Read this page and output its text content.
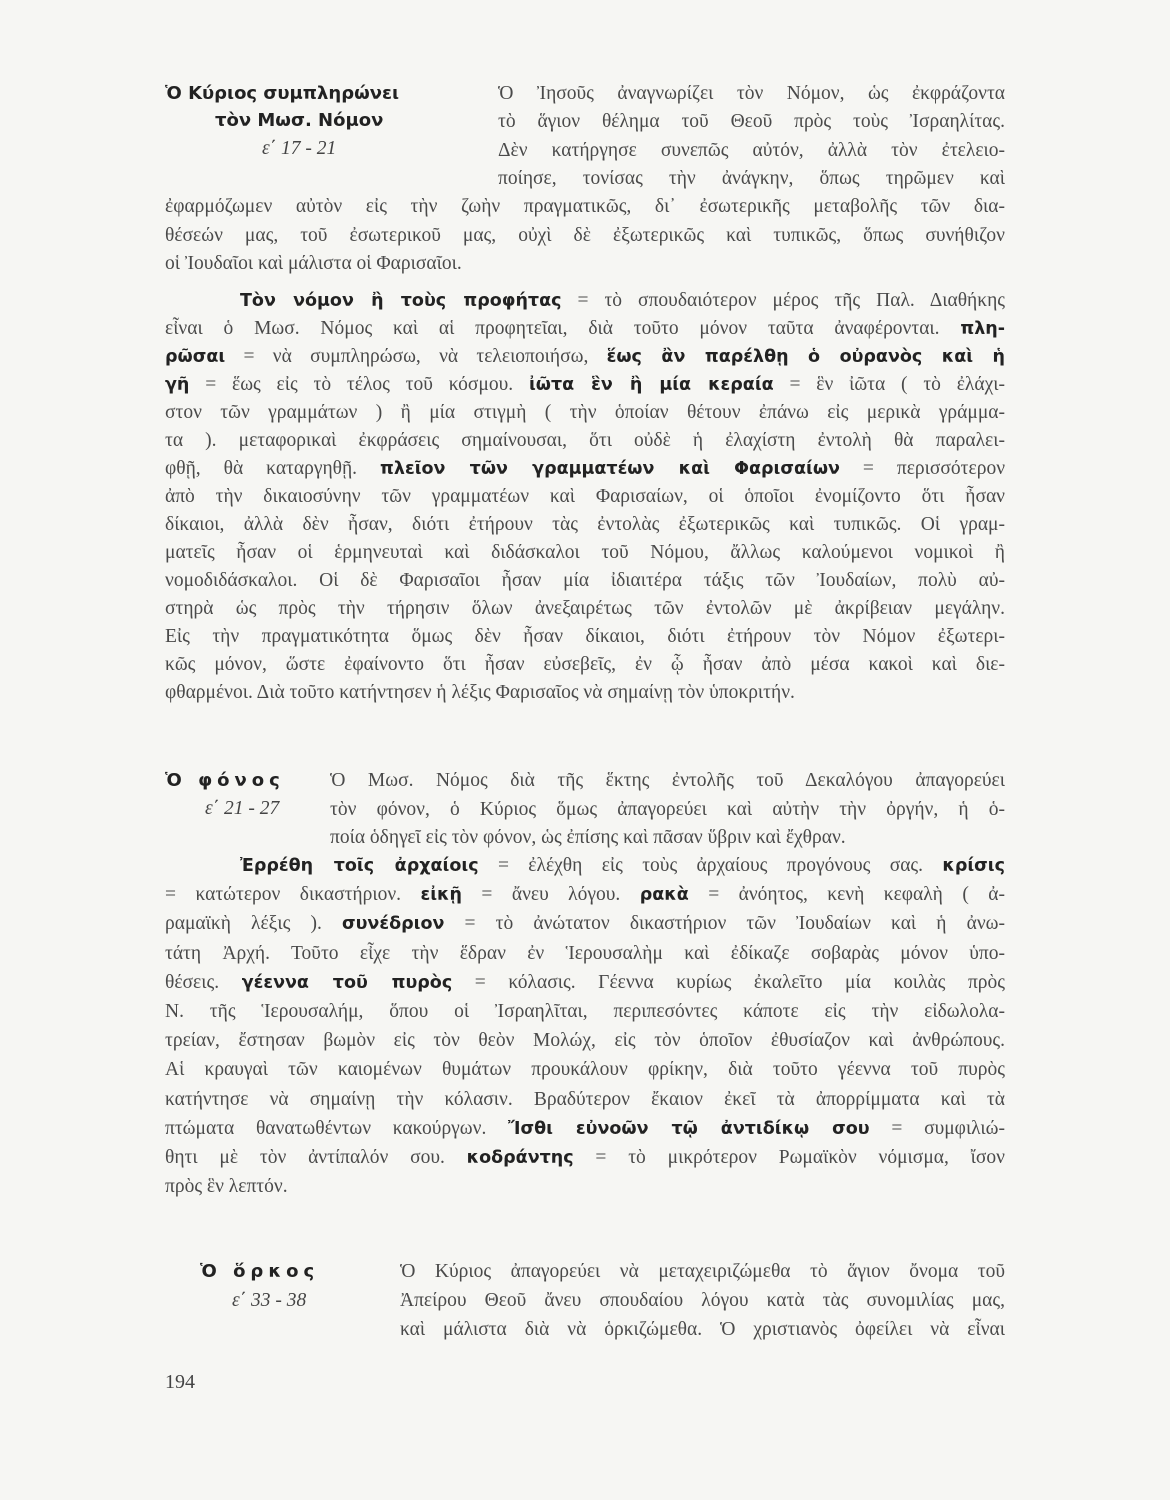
Ὁ Κύριος συμπληρώνει
τὸν Μωσ. Νόμον
ε΄ 17 - 21
Ὁ Ἰησοῦς ἀναγνωρίζει τὸν Νόμον, ὡς ἐκφράζοντα
τὸ ἅγιον θέλημα τοῦ Θεοῦ πρὸς τοὺς Ἰσραηλίτας.
Δὲν κατήργησε συνεπῶς αὐτόν, ἀλλὰ τὸν ἐτελειο-
ποίησε, τονίσας τὴν ἀνάγκην, ὅπως τηρῶμεν καὶ
ἐφαρμόζωμεν αὐτὸν εἰς τὴν ζωὴν πραγματικῶς, δι᾽ ἐσωτερικῆς μεταβολῆς τῶν δια-
θέσεών μας, τοῦ ἐσωτερικοῦ μας, οὐχὶ δὲ ἐξωτερικῶς καὶ τυπικῶς, ὅπως συνήθιζον
οἱ Ἰουδαῖοι καὶ μάλιστα οἱ Φαρισαῖοι.
Τὸν νόμον ἢ τοὺς προφήτας = τὸ σπουδαιότερον μέρος τῆς Παλ. Διαθήκης
εἶναι ὁ Μωσ. Νόμος καὶ αἱ προφητεῖαι, διὰ τοῦτο μόνον ταῦτα ἀναφέρονται. πλη-
ρῶσαι = νὰ συμπληρώσω, νὰ τελειοποιήσω, ἕως ἂν παρέλθῃ ὁ οὐρανὸς καὶ ἡ
γῆ = ἕως εἰς τὸ τέλος τοῦ κόσμου. ἰῶτα ἓν ἢ μία κεραία = ἓν ἰῶτα ( τὸ ἐλάχι-
στον τῶν γραμμάτων ) ἢ μία στιγμὴ ( τὴν ὁποίαν θέτουν ἐπάνω εἰς μερικὰ γράμμα-
τα ). μεταφορικαὶ ἐκφράσεις σημαίνουσαι, ὅτι οὐδὲ ἡ ἐλαχίστη ἐντολὴ θὰ παραλει-
φθῇ, θὰ καταργηθῇ. πλεῖον τῶν γραμματέων καὶ Φαρισαίων = περισσότερον
ἀπὸ τὴν δικαιοσύνην τῶν γραμματέων καὶ Φαρισαίων, οἱ ὁποῖοι ἐνομίζοντο ὅτι ἦσαν
δίκαιοι, ἀλλὰ δὲν ἦσαν, διότι ἐτήρουν τὰς ἐντολὰς ἐξωτερικῶς καὶ τυπικῶς. Οἱ γραμ-
ματεῖς ἦσαν οἱ ἑρμηνευταὶ καὶ διδάσκαλοι τοῦ Νόμου, ἄλλως καλούμενοι νομικοὶ ἢ
νομοδιδάσκαλοι. Οἱ δὲ Φαρισαῖοι ἦσαν μία ἰδιαιτέρα τάξις τῶν Ἰουδαίων, πολὺ αὐ-
στηρὰ ὡς πρὸς τὴν τήρησιν ὅλων ἀνεξαιρέτως τῶν ἐντολῶν μὲ ἀκρίβειαν μεγάλην.
Εἰς τὴν πραγματικότητα ὅμως δὲν ἦσαν δίκαιοι, διότι ἐτήρουν τὸν Νόμον ἐξωτερι-
κῶς μόνον, ὥστε ἐφαίνοντο ὅτι ἦσαν εὐσεβεῖς, ἐν ᾧ ἦσαν ἀπὸ μέσα κακοὶ καὶ διε-
φθαρμένοι. Διὰ τοῦτο κατήντησεν ἡ λέξις Φαρισαῖος νὰ σημαίνῃ τὸν ὑποκριτήν.
Ὁ φόνος
ε΄ 21 - 27
Ὁ Μωσ. Νόμος διὰ τῆς ἕκτης ἐντολῆς τοῦ Δεκαλόγου ἀπαγορεύει
τὸν φόνον, ὁ Κύριος ὅμως ἀπαγορεύει καὶ αὐτὴν τὴν ὀργήν, ἡ ὁ-
ποία ὁδηγεῖ εἰς τὸν φόνον, ὡς ἐπίσης καὶ πᾶσαν ὕβριν καὶ ἔχθραν.
Ἐρρέθη τοῖς ἀρχαίοις = ἐλέχθη εἰς τοὺς ἀρχαίους προγόνους σας. κρίσις
= κατώτερον δικαστήριον. εἰκῇ = ἄνευ λόγου. ρακὰ = ἀνόητος, κενὴ κεφαλὴ ( ἀ-
ραμαϊκὴ λέξις ). συνέδριον = τὸ ἀνώτατον δικαστήριον τῶν Ἰουδαίων καὶ ἡ ἀνω-
τάτη Ἀρχή. Τοῦτο εἶχε τὴν ἕδραν ἐν Ἱερουσαλὴμ καὶ ἐδίκαζε σοβαρὰς μόνον ὑπο-
θέσεις. γέεννα τοῦ πυρὸς = κόλασις. Γέεννα κυρίως ἐκαλεῖτο μία κοιλὰς πρὸς
Ν. τῆς Ἱερουσαλήμ, ὅπου οἱ Ἰσραηλῖται, περιπεσόντες κάποτε εἰς τὴν εἰδωλολα-
τρείαν, ἔστησαν βωμὸν εἰς τὸν θεὸν Μολώχ, εἰς τὸν ὁποῖον ἐθυσίαζον καὶ ἀνθρώπους.
Αἱ κραυγαὶ τῶν καιομένων θυμάτων προυκάλουν φρίκην, διὰ τοῦτο γέεννα τοῦ πυρὸς
κατήντησε νὰ σημαίνῃ τὴν κόλασιν. Βραδύτερον ἔκαιον ἐκεῖ τὰ ἀπορρίμματα καὶ τὰ
πτώματα θανατωθέντων κακούργων. Ἴσθι εὐνοῶν τῷ ἀντιδίκῳ σου = συμφιλιώ-
θητι μὲ τὸν ἀντίπαλόν σου. κοδράντης = τὸ μικρότερον Ρωμαϊκὸν νόμισμα, ἴσον
πρὸς ἓν λεπτόν.
Ὁ ὅρκος
ε΄ 33 - 38
Ὁ Κύριος ἀπαγορεύει νὰ μεταχειριζώμεθα τὸ ἅγιον ὄνομα τοῦ
Ἀπείρου Θεοῦ ἄνευ σπουδαίου λόγου κατὰ τὰς συνομιλίας μας,
καὶ μάλιστα διὰ νὰ ὁρκιζώμεθα. Ὁ χριστιανὸς ὀφείλει νὰ εἶναι
194
